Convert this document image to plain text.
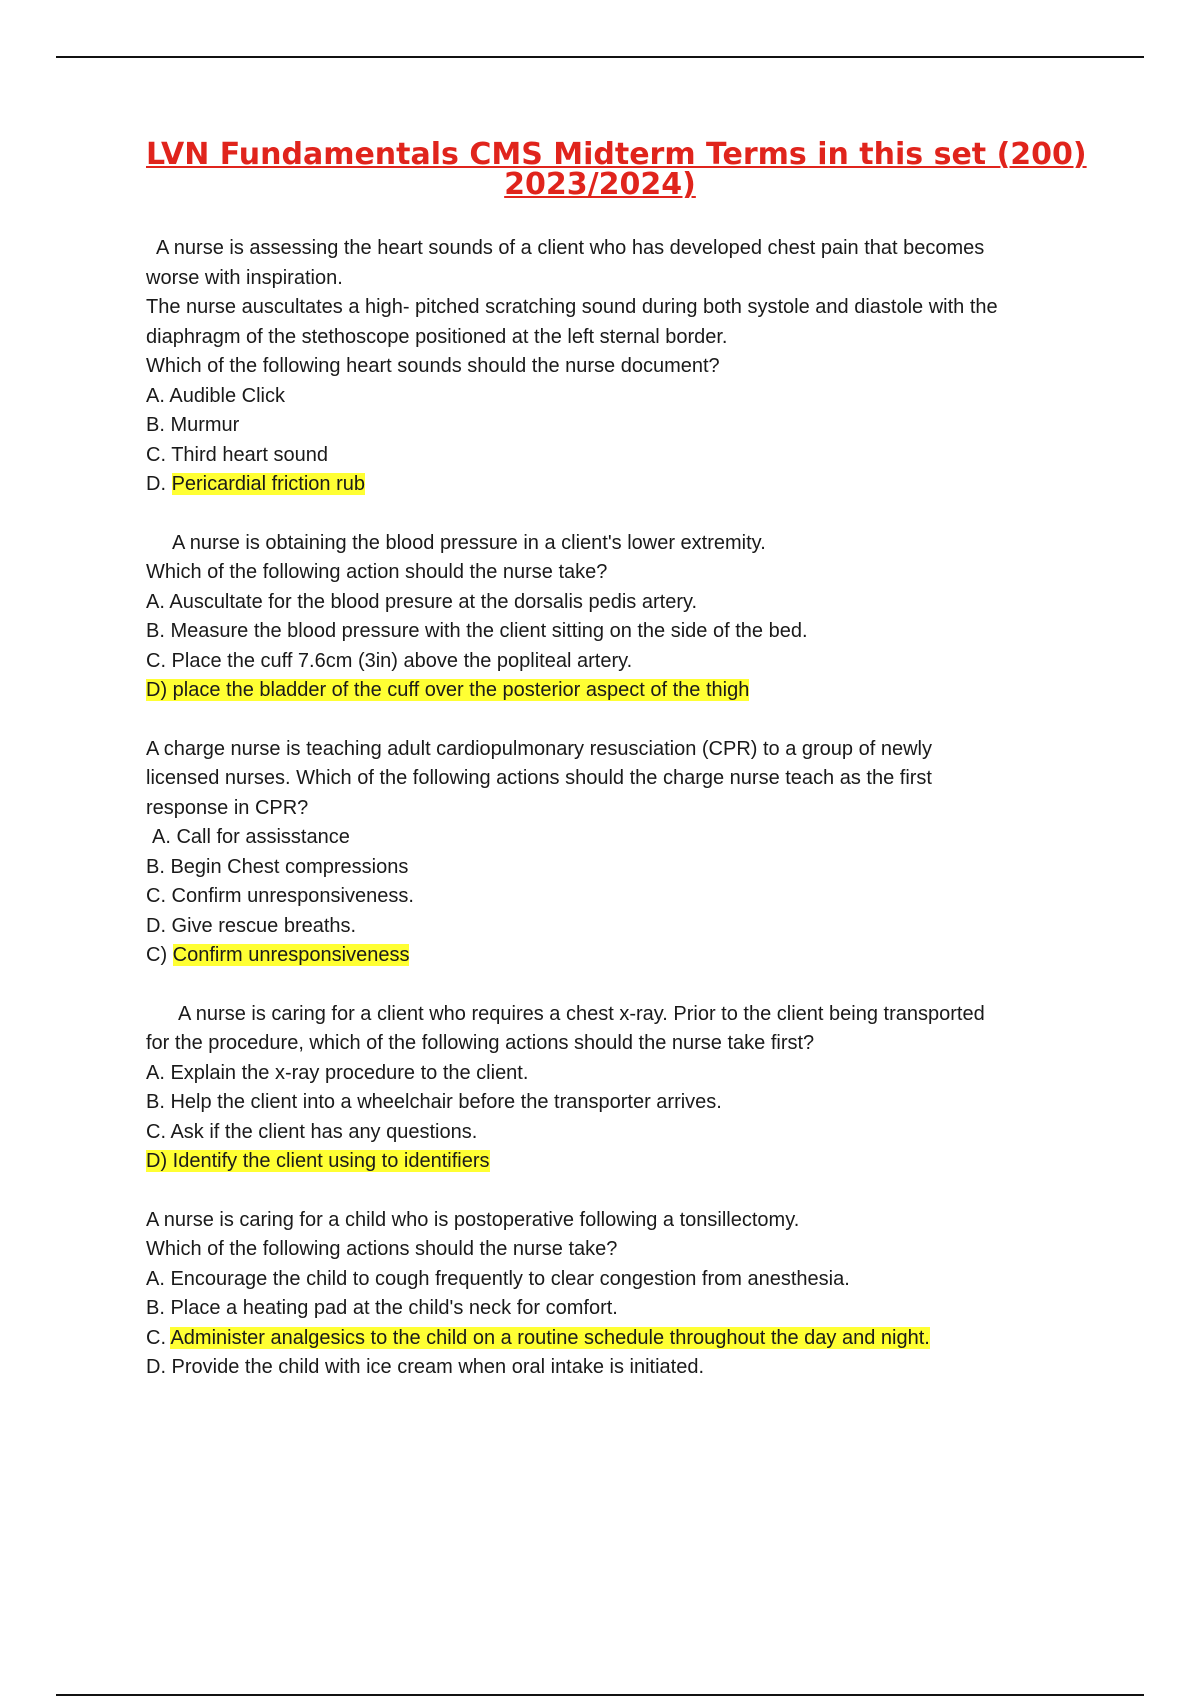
LVN Fundamentals CMS Midterm Terms in this set (200)
2023/2024)
A nurse is assessing the heart sounds of a client who has developed chest pain that becomes
worse with inspiration.
The nurse auscultates a high- pitched scratching sound during both systole and diastole with the
diaphragm of the stethoscope positioned at the left sternal border.
Which of the following heart sounds should the nurse document?
A. Audible Click
B. Murmur
C. Third heart sound
D. Pericardial friction rub
A nurse is obtaining the blood pressure in a client's lower extremity.
Which of the following action should the nurse take?
A. Auscultate for the blood presure at the dorsalis pedis artery.
B. Measure the blood pressure with the client sitting on the side of the bed.
C. Place the cuff 7.6cm (3in) above the popliteal artery.
D) place the bladder of the cuff over the posterior aspect of the thigh
A charge nurse is teaching adult cardiopulmonary resusciation (CPR) to a group of newly
licensed nurses. Which of the following actions should the charge nurse teach as the first
response in CPR?
A. Call for assisstance
B. Begin Chest compressions
C. Confirm unresponsiveness.
D. Give rescue breaths.
C) Confirm unresponsiveness
A nurse is caring for a client who requires a chest x-ray. Prior to the client being transported
for the procedure, which of the following actions should the nurse take first?
A. Explain the x-ray procedure to the client.
B. Help the client into a wheelchair before the transporter arrives.
C. Ask if the client has any questions.
D) Identify the client using to identifiers
A nurse is caring for a child who is postoperative following a tonsillectomy.
Which of the following actions should the nurse take?
A. Encourage the child to cough frequently to clear congestion from anesthesia.
B. Place a heating pad at the child's neck for comfort.
C. Administer analgesics to the child on a routine schedule throughout the day and night.
D. Provide the child with ice cream when oral intake is initiated.
